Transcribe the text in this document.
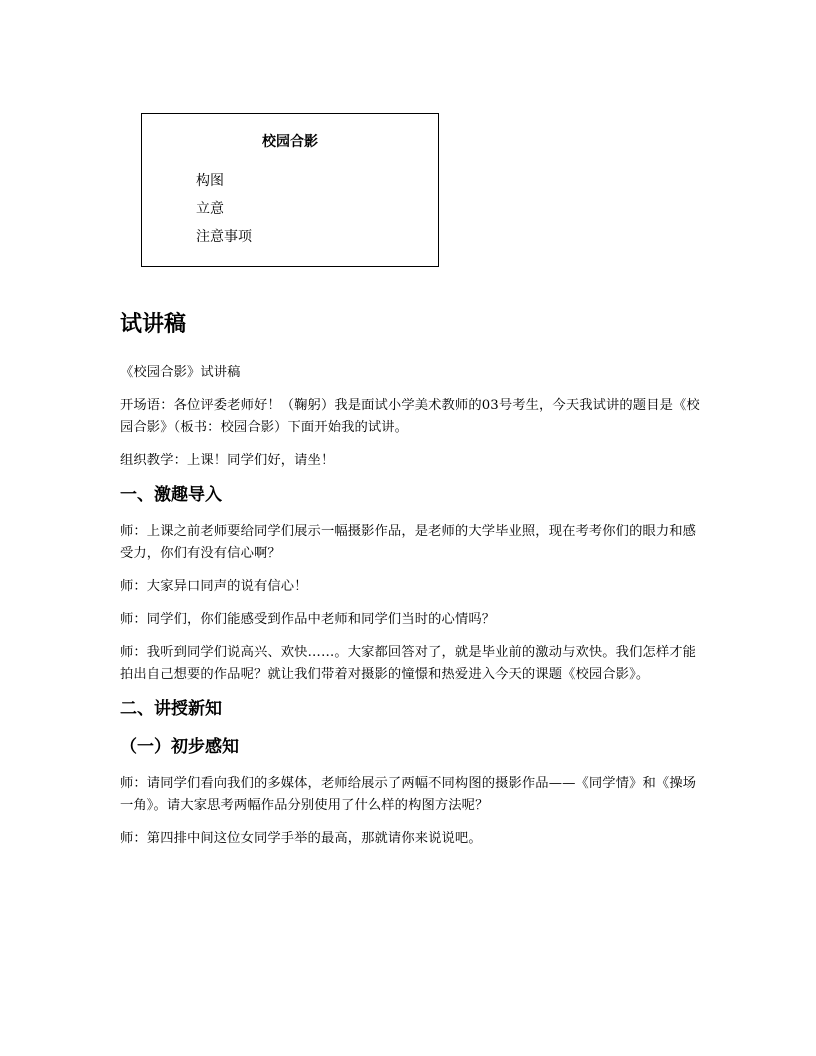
校园合影
构图
立意
注意事项
试讲稿

《校园合影》试讲稿

开场语：各位评委老师好！（鞠躬）我是面试小学美术教师的03号考生，今天我试讲的题目是《校园合影》（板书：校园合影）下面开始我的试讲。

组织教学：上课！同学们好，请坐！

一、激趣导入

师：上课之前老师要给同学们展示一幅摄影作品，是老师的大学毕业照，现在考考你们的眼力和感受力，你们有没有信心啊？

师：大家异口同声的说有信心！

师：同学们，你们能感受到作品中老师和同学们当时的心情吗？

师：我听到同学们说高兴、欢快……。大家都回答对了，就是毕业前的激动与欢快。我们怎样才能拍出自己想要的作品呢？就让我们带着对摄影的憧憬和热爱进入今天的课题《校园合影》。

二、讲授新知
（一）初步感知

师：请同学们看向我们的多媒体，老师给展示了两幅不同构图的摄影作品——《同学情》和《操场一角》。请大家思考两幅作品分别使用了什么样的构图方法呢？

师：第四排中间这位女同学手举的最高，那就请你来说说吧。
